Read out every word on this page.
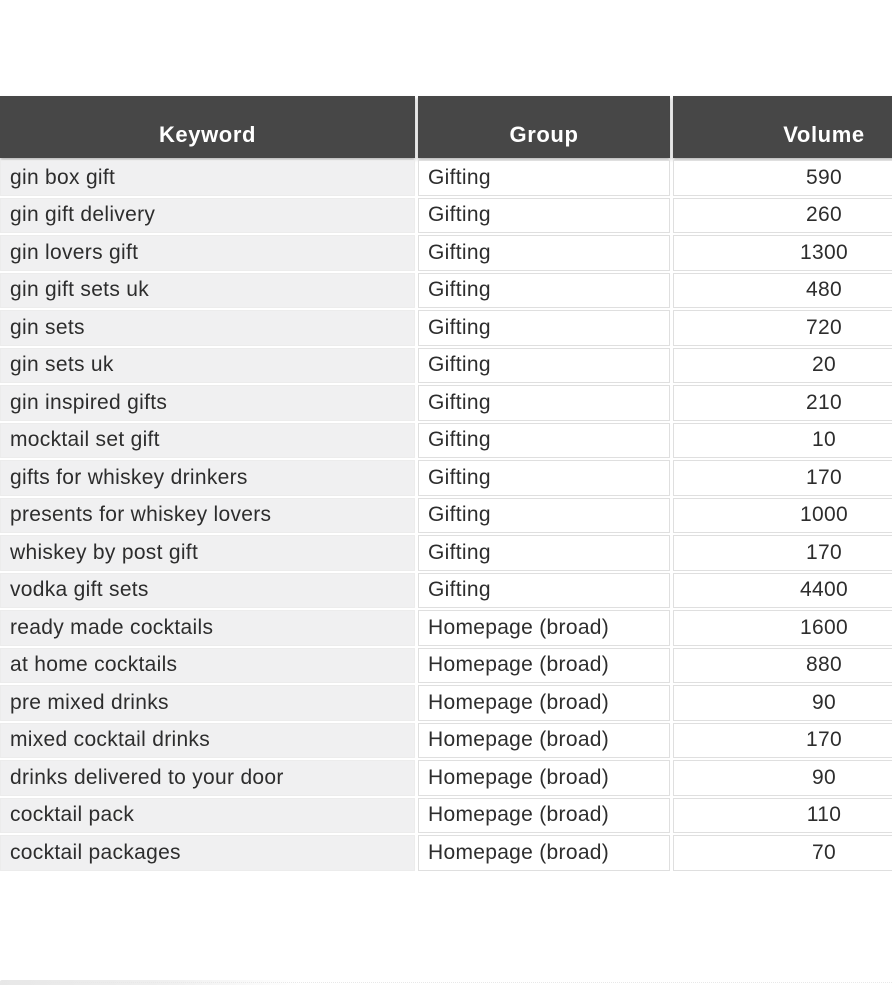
Keyword	Group	Volume
gin box gift	Gifting	590
gin gift delivery	Gifting	260
gin lovers gift	Gifting	1300
gin gift sets uk	Gifting	480
gin sets	Gifting	720
gin sets uk	Gifting	20
gin inspired gifts	Gifting	210
mocktail set gift	Gifting	10
gifts for whiskey drinkers	Gifting	170
presents for whiskey lovers	Gifting	1000
whiskey by post gift	Gifting	170
vodka gift sets	Gifting	4400
ready made cocktails	Homepage (broad)	1600
at home cocktails	Homepage (broad)	880
pre mixed drinks	Homepage (broad)	90
mixed cocktail drinks	Homepage (broad)	170
drinks delivered to your door	Homepage (broad)	90
cocktail pack	Homepage (broad)	110
cocktail packages	Homepage (broad)	70
